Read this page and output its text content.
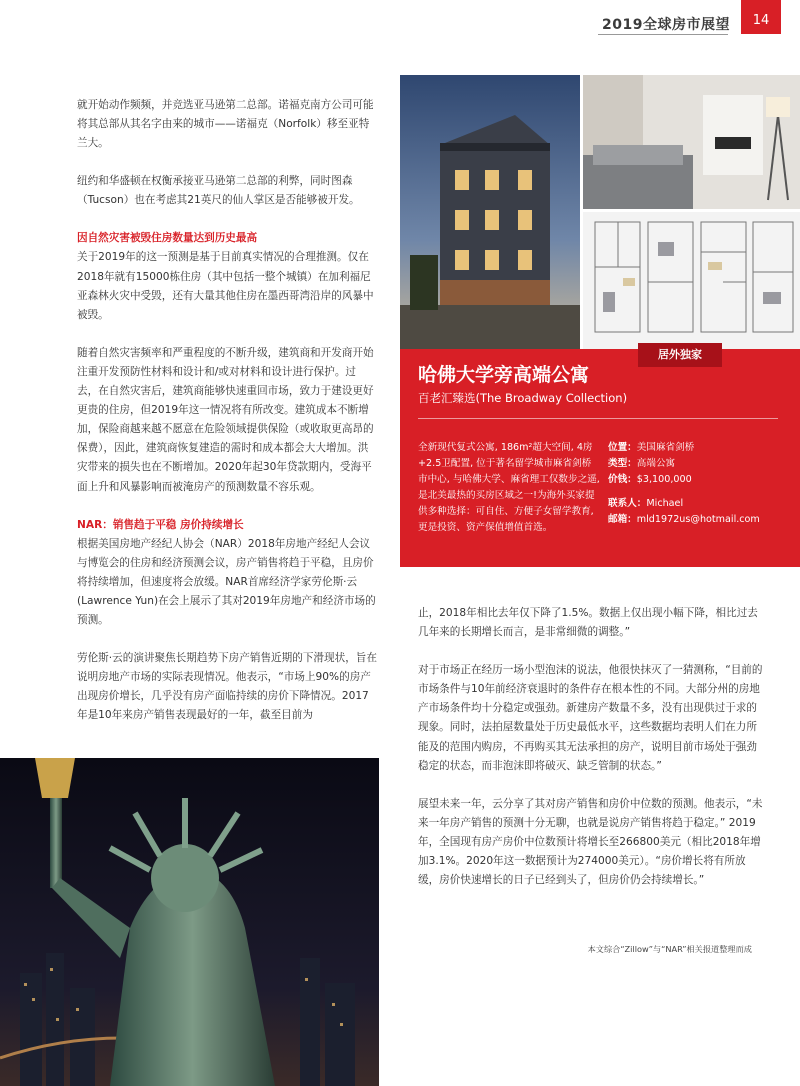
2019全球房市展望	14

就开始动作频频，并竞选亚马逊第二总部。诺福克南方公司可能将其总部从其名字由来的城市——诺福克（Norfolk）移至亚特兰大。

纽约和华盛顿在权衡承接亚马逊第二总部的利弊，同时图森（Tucson）也在考虑其21英尺的仙人掌区是否能够被开发。

因自然灾害被毁住房数量达到历史最高

关于2019年的这一预测是基于目前真实情况的合理推测。仅在2018年就有15000栋住房（其中包括一整个城镇）在加利福尼亚森林火灾中受毁，还有大量其他住房在墨西哥湾沿岸的风暴中被毁。

随着自然灾害频率和严重程度的不断升级，建筑商和开发商开始注重开发预防性材料和设计和/或对材料和设计进行保护。过去，在自然灾害后，建筑商能够快速重回市场，致力于建设更好更贵的住房，但2019年这一情况将有所改变。建筑成本不断增加，保险商越来越不愿意在危险领域提供保险（或收取更高昂的保费），因此，建筑商恢复建造的需时和成本都会大大增加。洪灾带来的损失也在不断增加。2020年起30年贷款期内，受海平面上升和风暴影响而被淹房产的预测数量不容乐观。

NAR：销售趋于平稳 房价持续增长

根据美国房地产经纪人协会（NAR）2018年房地产经纪人会议与博览会的住房和经济预测会议，房产销售将趋于平稳，且房价将持续增加，但速度将会放缓。NAR首席经济学家劳伦斯·云(Lawrence Yun)在会上展示了其对2019年房地产和经济市场的预测。

劳伦斯·云的演讲聚焦长期趋势下房产销售近期的下滑现状，旨在说明房地产市场的实际表现情况。他表示，“市场上90%的房产出现房价增长，几乎没有房产面临持续的房价下降情况。2017年是10年来房产销售表现最好的一年，截至目前为

居外独家
哈佛大学旁高端公寓
百老汇臻选(The Broadway Collection)
全新现代复式公寓, 186m²超大空间, 4房+2.5卫配置, 位于著名留学城市麻省剑桥市中心, 与哈佛大学、麻省理工仅数步之遥, 是北美最热的买房区域之一!为海外买家提供多种选择：可自住、方便子女留学教育, 更是投资、资产保值增值首选。
位置：美国麻省剑桥
类型：高端公寓
价钱：$3,100,000
联系人：Michael
邮箱：mld1972us@hotmail.com

止，2018年相比去年仅下降了1.5%。数据上仅出现小幅下降，相比过去几年来的长期增长而言，是非常细微的调整。”

对于市场正在经历一场小型泡沫的说法，他很快抹灭了一猜测称，“目前的市场条件与10年前经济衰退时的条件存在根本性的不同。大部分州的房地产市场条件均十分稳定或强劲。新建房产数量不多，没有出现供过于求的现象。同时，法拍屋数量处于历史最低水平，这些数据均表明人们在力所能及的范围内购房，不再购买其无法承担的房产，说明目前市场处于强劲稳定的状态，而非泡沫即将破灭、缺乏管制的状态。”

展望未来一年，云分享了其对房产销售和房价中位数的预测。他表示，“未来一年房产销售的预测十分无聊，也就是说房产销售将趋于稳定。” 2019年，全国现有房产房价中位数预计将增长至266800美元（相比2018年增加3.1%。2020年这一数据预计为274000美元）。“房价增长将有所放缓，房价快速增长的日子已经到头了，但房价仍会持续增长。”

本文综合“Zillow”与“NAR”相关报道整理而成
